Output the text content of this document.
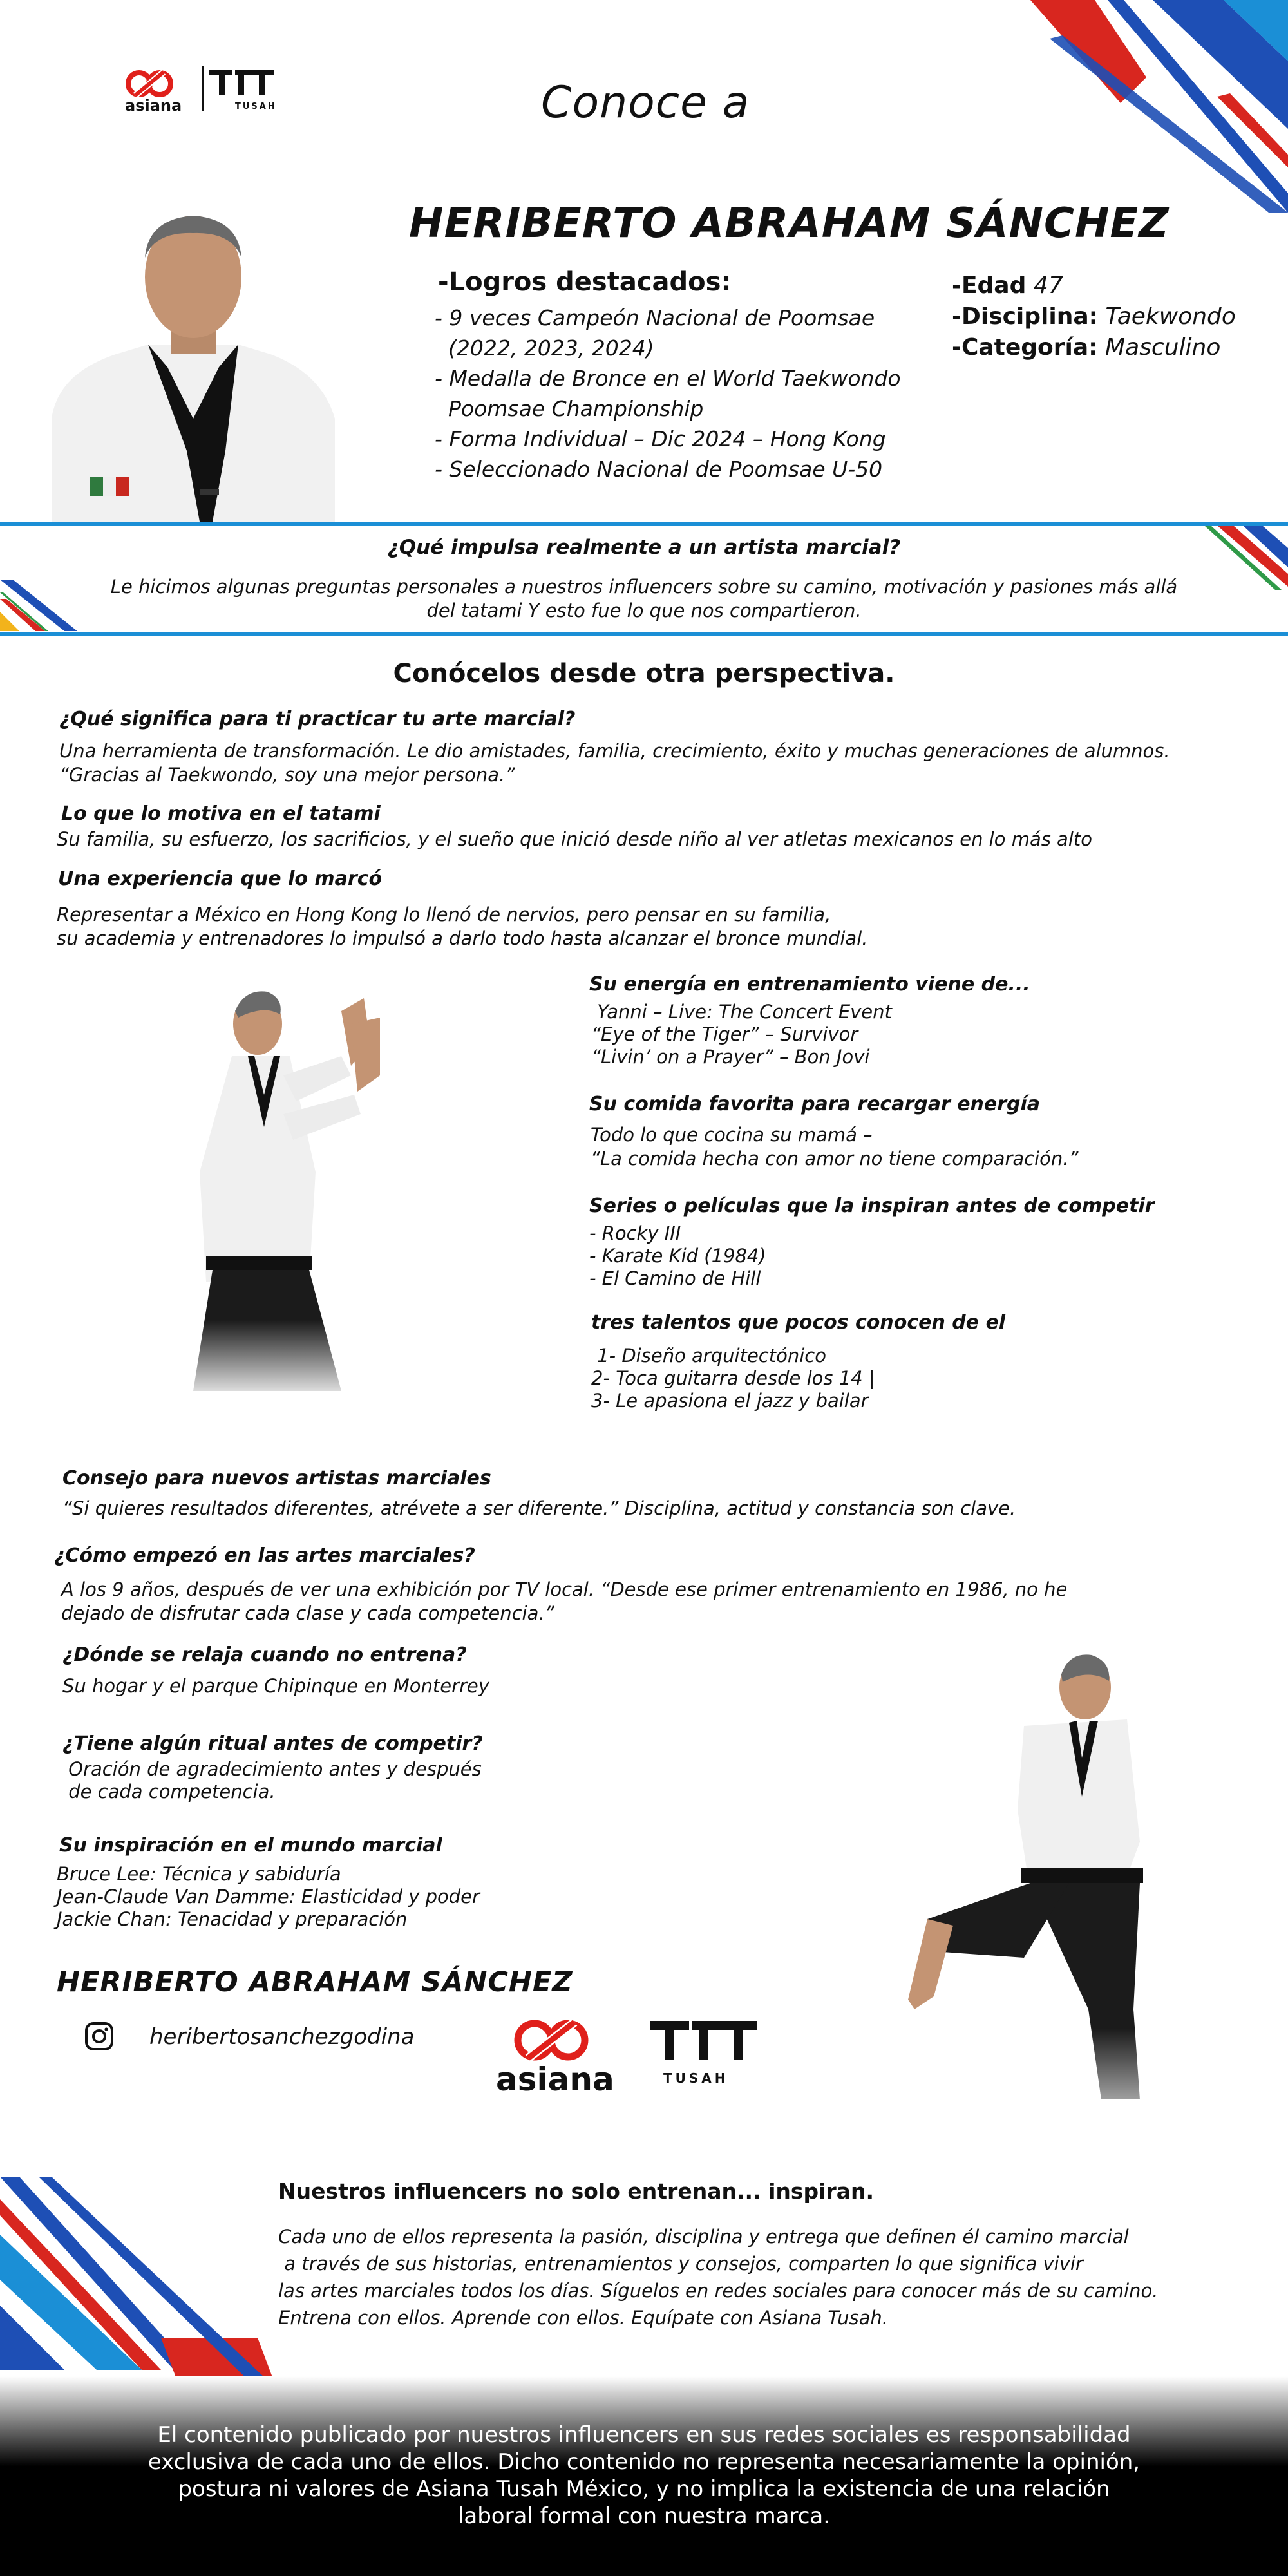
asiana	TUSAH	Conoce a
HERIBERTO ABRAHAM SÁNCHEZ
-Logros destacados:
- 9 veces Campeón Nacional de Poomsae
(2022, 2023, 2024)
- Medalla de Bronce en el World Taekwondo
Poomsae Championship
- Forma Individual – Dic 2024 – Hong Kong
- Seleccionado Nacional de Poomsae U-50
-Edad 47
-Disciplina: Taekwondo
-Categoría: Masculino
¿Qué impulsa realmente a un artista marcial?
Le hicimos algunas preguntas personales a nuestros influencers sobre su camino, motivación y pasiones más allá del tatami Y esto fue lo que nos compartieron.
Conócelos desde otra perspectiva.
¿Qué significa para ti practicar tu arte marcial?
Una herramienta de transformación. Le dio amistades, familia, crecimiento, éxito y muchas generaciones de alumnos.
“Gracias al Taekwondo, soy una mejor persona.”
Lo que lo motiva en el tatami
Su familia, su esfuerzo, los sacrificios, y el sueño que inició desde niño al ver atletas mexicanos en lo más alto
Una experiencia que lo marcó
Representar a México en Hong Kong lo llenó de nervios, pero pensar en su familia,
su academia y entrenadores lo impulsó a darlo todo hasta alcanzar el bronce mundial.
Su energía en entrenamiento viene de...
Yanni – Live: The Concert Event
“Eye of the Tiger” – Survivor
“Livin’ on a Prayer” – Bon Jovi
Su comida favorita para recargar energía
Todo lo que cocina su mamá –
“La comida hecha con amor no tiene comparación.”
Series o películas que la inspiran antes de competir
- Rocky III
- Karate Kid (1984)
- El Camino de Hill
tres talentos que pocos conocen de el
1- Diseño arquitectónico
2- Toca guitarra desde los 14 |
3- Le apasiona el jazz y bailar
Consejo para nuevos artistas marciales
“Si quieres resultados diferentes, atrévete a ser diferente.” Disciplina, actitud y constancia son clave.
¿Cómo empezó en las artes marciales?
A los 9 años, después de ver una exhibición por TV local. “Desde ese primer entrenamiento en 1986, no he
dejado de disfrutar cada clase y cada competencia.”
¿Dónde se relaja cuando no entrena?
Su hogar y el parque Chipinque en Monterrey
¿Tiene algún ritual antes de competir?
Oración de agradecimiento antes y después
de cada competencia.
Su inspiración en el mundo marcial
Bruce Lee: Técnica y sabiduría
Jean-Claude Van Damme: Elasticidad y poder
Jackie Chan: Tenacidad y preparación
HERIBERTO ABRAHAM SÁNCHEZ
heribertosanchezgodina
asiana	TUSAH
Nuestros influencers no solo entrenan... inspiran.
Cada uno de ellos representa la pasión, disciplina y entrega que definen él camino marcial
a través de sus historias, entrenamientos y consejos, comparten lo que significa vivir
las artes marciales todos los días. Síguelos en redes sociales para conocer más de su camino.
Entrena con ellos. Aprende con ellos. Equípate con Asiana Tusah.
El contenido publicado por nuestros influencers en sus redes sociales es responsabilidad
exclusiva de cada uno de ellos. Dicho contenido no representa necesariamente la opinión,
postura ni valores de Asiana Tusah México, y no implica la existencia de una relación
laboral formal con nuestra marca.
